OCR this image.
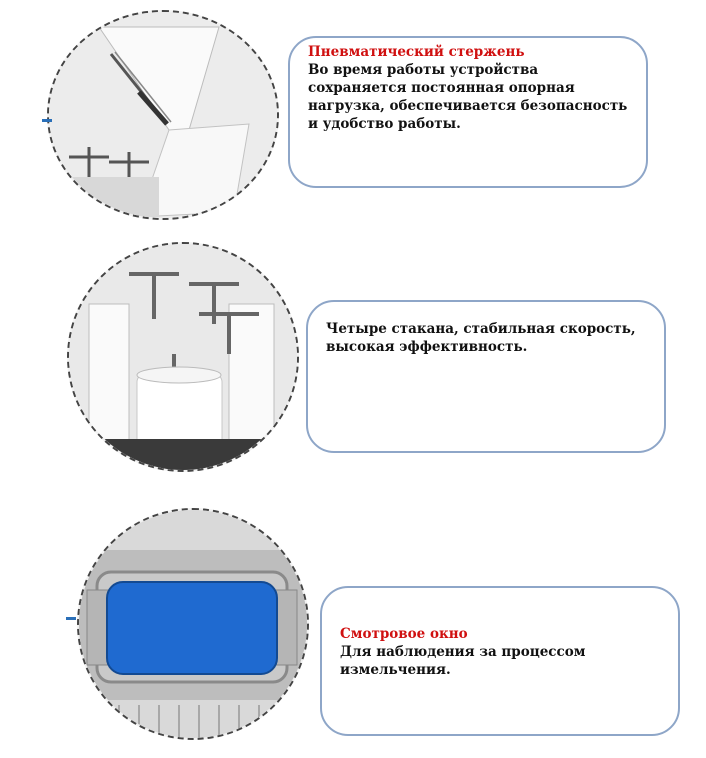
Пневматический стержень
Во время работы устройства сохраняется постоянная опорная нагрузка, обеспечивается безопасность и удобство работы.
Четыре стакана, стабильная скорость, высокая эффективность.
Смотровое окно
Для наблюдения за процессом измельчения.
